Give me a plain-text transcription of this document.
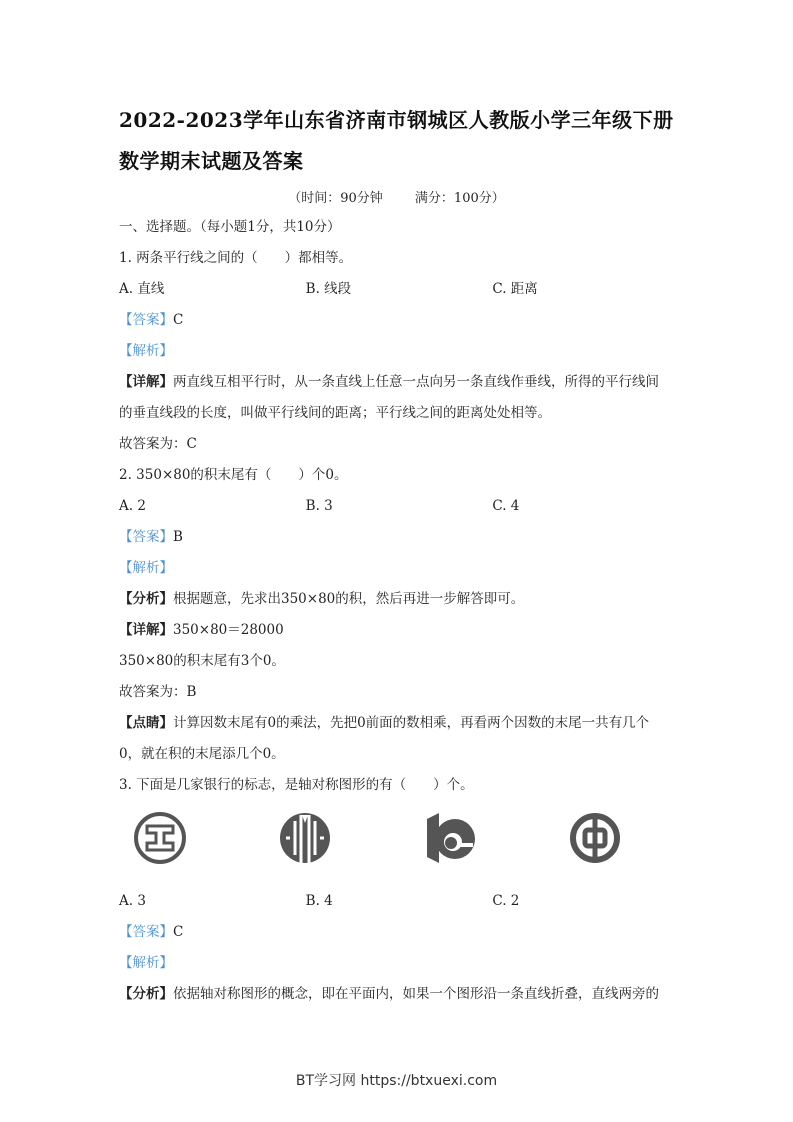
2022-2023学年山东省济南市钢城区人教版小学三年级下册
数学期末试题及答案
（时间：90分钟 满分：100分）
一、选择题。（每小题1分，共10分）
1. 两条平行线之间的（　　）都相等。
A. 直线	B. 线段	C. 距离
【答案】C
【解析】
【详解】两直线互相平行时，从一条直线上任意一点向另一条直线作垂线，所得的平行线间
的垂直线段的长度，叫做平行线间的距离；平行线之间的距离处处相等。
故答案为：C
2. 350×80的积末尾有（　　）个0。
A. 2	B. 3	C. 4
【答案】B
【解析】
【分析】根据题意，先求出350×80的积，然后再进一步解答即可。
【详解】350×80＝28000
350×80的积末尾有3个0。
故答案为：B
【点睛】计算因数末尾有0的乘法，先把0前面的数相乘，再看两个因数的末尾一共有几个
0，就在积的末尾添几个0。
3. 下面是几家银行的标志，是轴对称图形的有（　　）个。
A. 3	B. 4	C. 2
【答案】C
【解析】
【分析】依据轴对称图形的概念，即在平面内，如果一个图形沿一条直线折叠，直线两旁的
BT学习网 https://btxuexi.com
